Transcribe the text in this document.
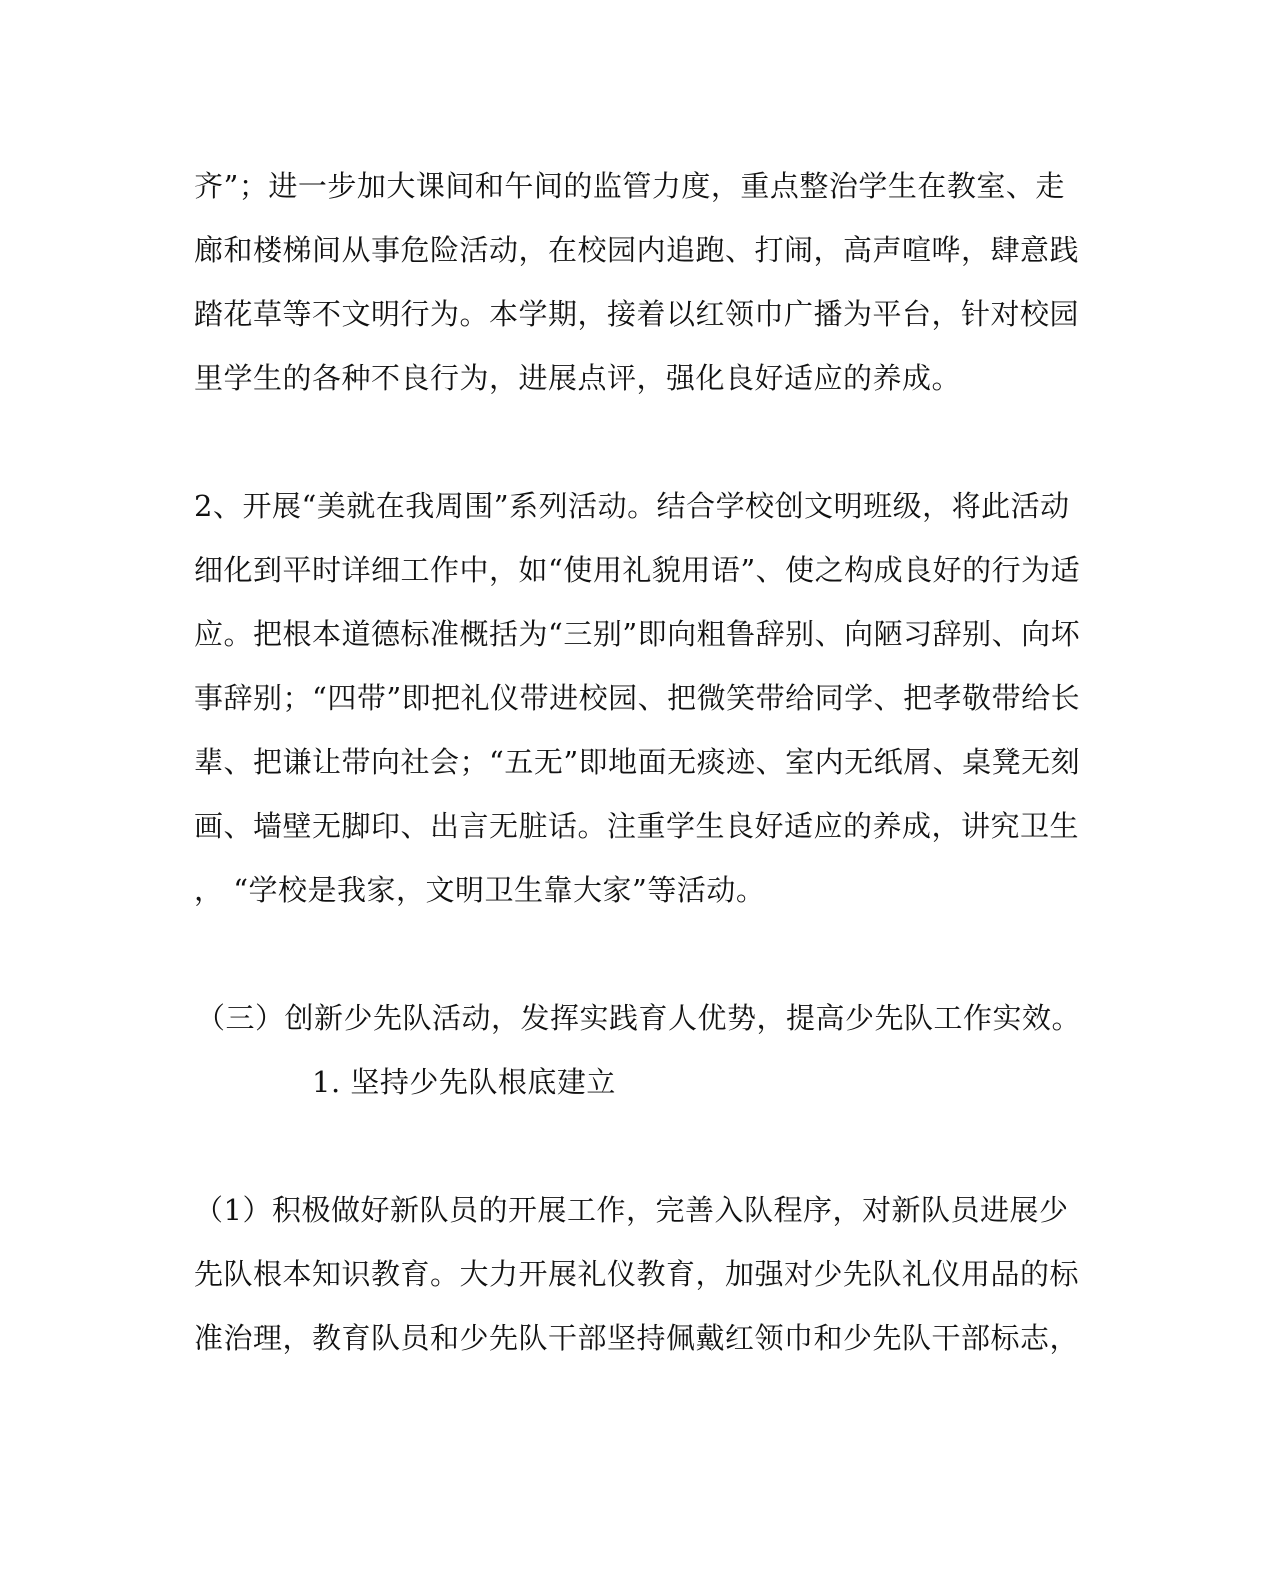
齐”；进一步加大课间和午间的监管力度，重点整治学生在教室、走
廊和楼梯间从事危险活动，在校园内追跑、打闹，高声喧哗，肆意践
踏花草等不文明行为。本学期，接着以红领巾广播为平台，针对校园
里学生的各种不良行为，进展点评，强化良好适应的养成。
2、开展“美就在我周围”系列活动。结合学校创文明班级，将此活动
细化到平时详细工作中，如“使用礼貌用语”、使之构成良好的行为适
应。把根本道德标准概括为“三别”即向粗鲁辞别、向陋习辞别、向坏
事辞别；“四带”即把礼仪带进校园、把微笑带给同学、把孝敬带给长
辈、把谦让带向社会；“五无”即地面无痰迹、室内无纸屑、桌凳无刻
画、墙壁无脚印、出言无脏话。注重学生良好适应的养成，讲究卫生
， “学校是我家，文明卫生靠大家”等活动。
（三）创新少先队活动，发挥实践育人优势，提高少先队工作实效。
1. 坚持少先队根底建立
（1）积极做好新队员的开展工作，完善入队程序，对新队员进展少
先队根本知识教育。大力开展礼仪教育，加强对少先队礼仪用品的标
准治理，教育队员和少先队干部坚持佩戴红领巾和少先队干部标志，
